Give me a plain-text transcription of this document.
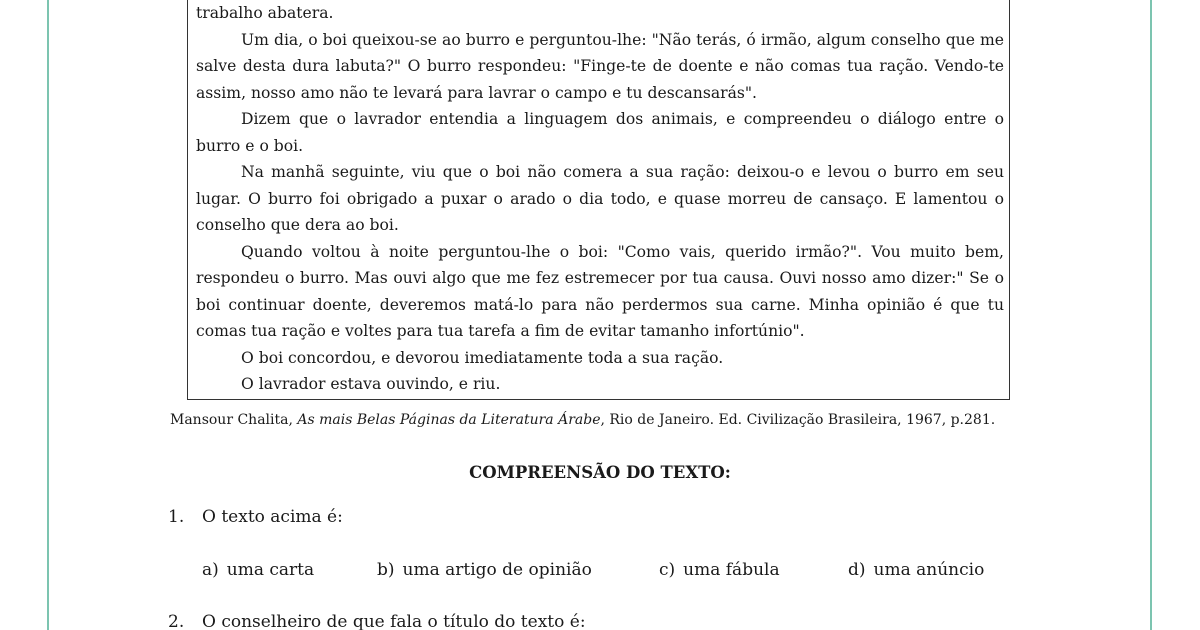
trabalho abatera.

Um dia, o boi queixou-se ao burro e perguntou-lhe: "Não terás, ó irmão, algum conselho que me salve desta dura labuta?" O burro respondeu: "Finge-te de doente e não comas tua ração. Vendo-te assim, nosso amo não te levará para lavrar o campo e tu descansarás".

Dizem que o lavrador entendia a linguagem dos animais, e compreendeu o diálogo entre o burro e o boi.

Na manhã seguinte, viu que o boi não comera a sua ração: deixou-o e levou o burro em seu lugar. O burro foi obrigado a puxar o arado o dia todo, e quase morreu de cansaço. E lamentou o conselho que dera ao boi.

Quando voltou à noite perguntou-lhe o boi: "Como vais, querido irmão?". Vou muito bem, respondeu o burro. Mas ouvi algo que me fez estremecer por tua causa. Ouvi nosso amo dizer:" Se o boi continuar doente, deveremos matá-lo para não perdermos sua carne. Minha opinião é que tu comas tua ração e voltes para tua tarefa a fim de evitar tamanho infortúnio".

O boi concordou, e devorou imediatamente toda a sua ração.

O lavrador estava ouvindo, e riu.

Mansour Chalita, As mais Belas Páginas da Literatura Árabe, Rio de Janeiro. Ed. Civilização Brasileira, 1967, p.281.
COMPREENSÃO DO TEXTO:
1. O texto acima é:
a) uma carta	b) uma artigo de opinião	c) uma fábula	d) uma anúncio
2. O conselheiro de que fala o título do texto é:
